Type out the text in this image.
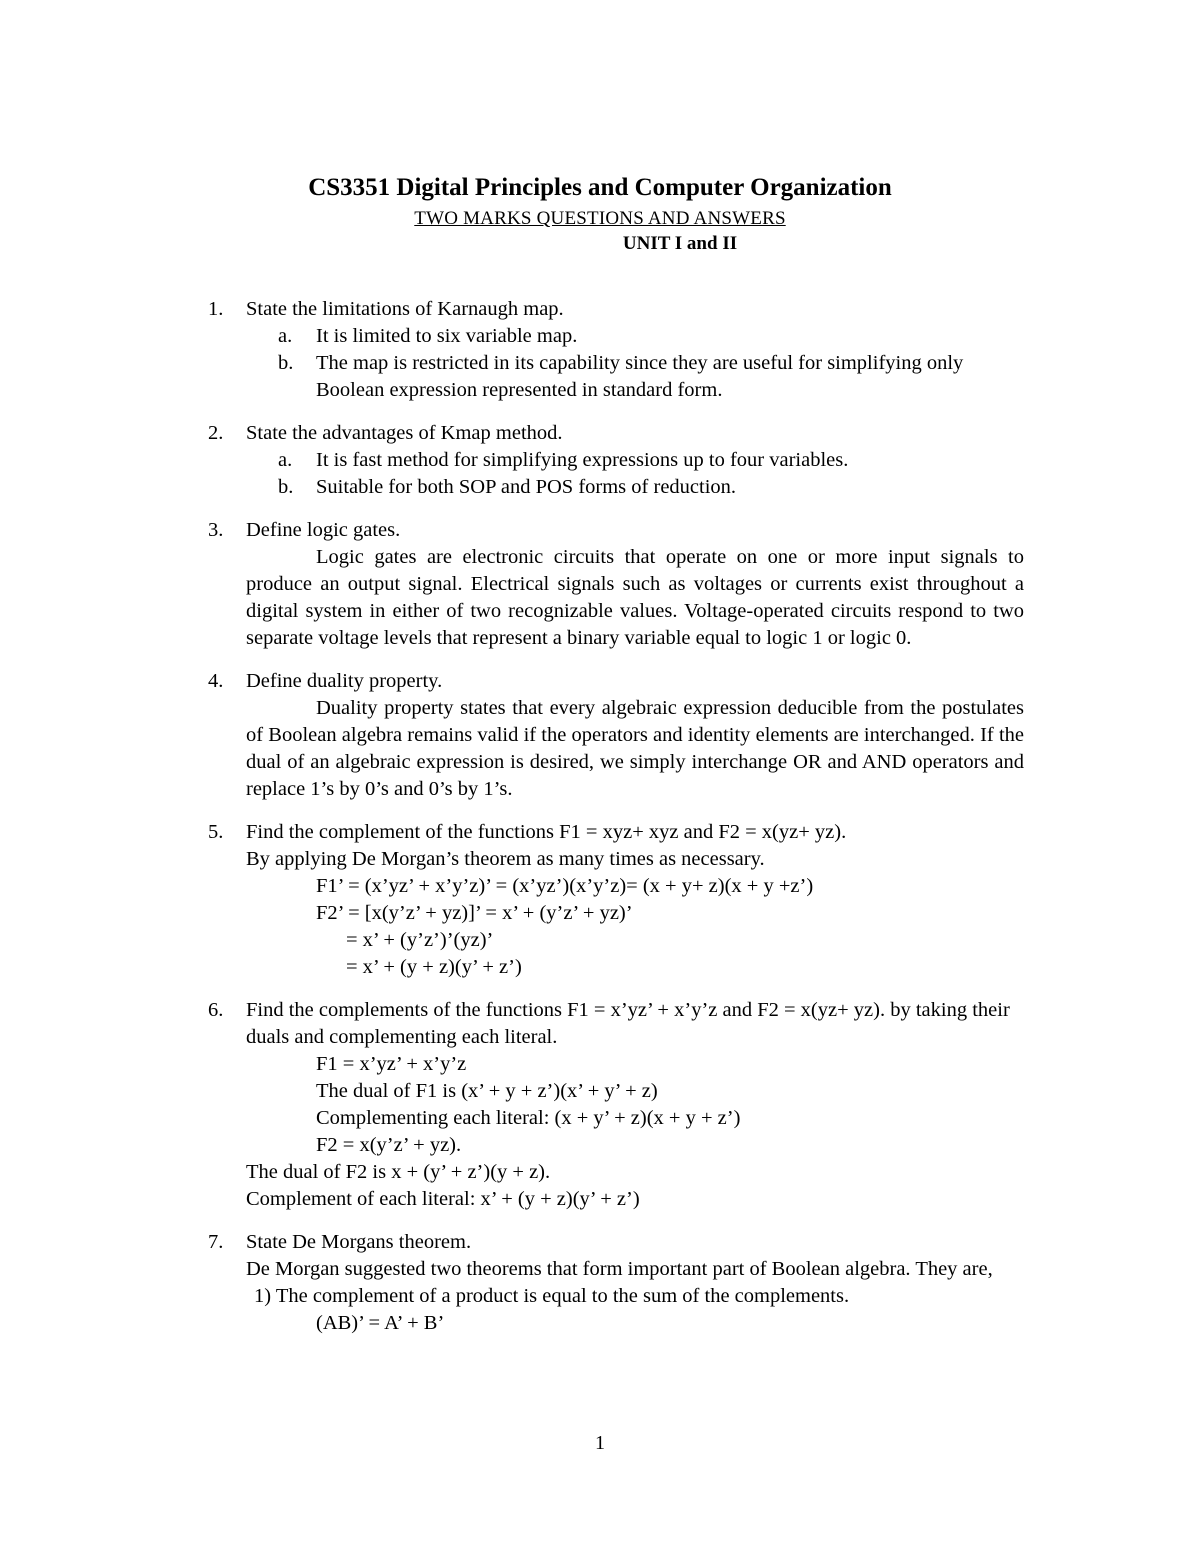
CS3351 Digital Principles and Computer Organization
TWO MARKS QUESTIONS AND ANSWERS
UNIT I and II
1. State the limitations of Karnaugh map.
a. It is limited to six variable map.
b. The map is restricted in its capability since they are useful for simplifying only Boolean expression represented in standard form.
2. State the advantages of Kmap method.
a. It is fast method for simplifying expressions up to four variables.
b. Suitable for both SOP and POS forms of reduction.
3. Define logic gates.
Logic gates are electronic circuits that operate on one or more input signals to produce an output signal. Electrical signals such as voltages or currents exist throughout a digital system in either of two recognizable values. Voltage-operated circuits respond to two separate voltage levels that represent a binary variable equal to logic 1 or logic 0.
4. Define duality property.
Duality property states that every algebraic expression deducible from the postulates of Boolean algebra remains valid if the operators and identity elements are interchanged. If the dual of an algebraic expression is desired, we simply interchange OR and AND operators and replace 1’s by 0’s and 0’s by 1’s.
5. Find the complement of the functions F1 = xyz+ xyz and F2 = x(yz+ yz).
By applying De Morgan’s theorem as many times as necessary.
F1’ = (x’yz’ + x’y’z)’ = (x’yz’)(x’y’z)= (x + y+ z)(x + y +z’)
F2’ = [x(y’z’ + yz)]’ = x’ + (y’z’ + yz)’
= x’ + (y’z’)’(yz)’
= x’ + (y + z)(y’ + z’)
6. Find the complements of the functions F1 = x’yz’ + x’y’z and F2 = x(yz+ yz). by taking their duals and complementing each literal.
F1 = x’yz’ + x’y’z
The dual of F1 is (x’ + y + z’)(x’ + y’ + z)
Complementing each literal: (x + y’ + z)(x + y + z’)
F2 = x(y’z’ + yz).
The dual of F2 is x + (y’ + z’)(y + z).
Complement of each literal: x’ + (y + z)(y’ + z’)
7. State De Morgans theorem.
De Morgan suggested two theorems that form important part of Boolean algebra. They are,
1) The complement of a product is equal to the sum of the complements.
(AB)’ = A’ + B’
1
